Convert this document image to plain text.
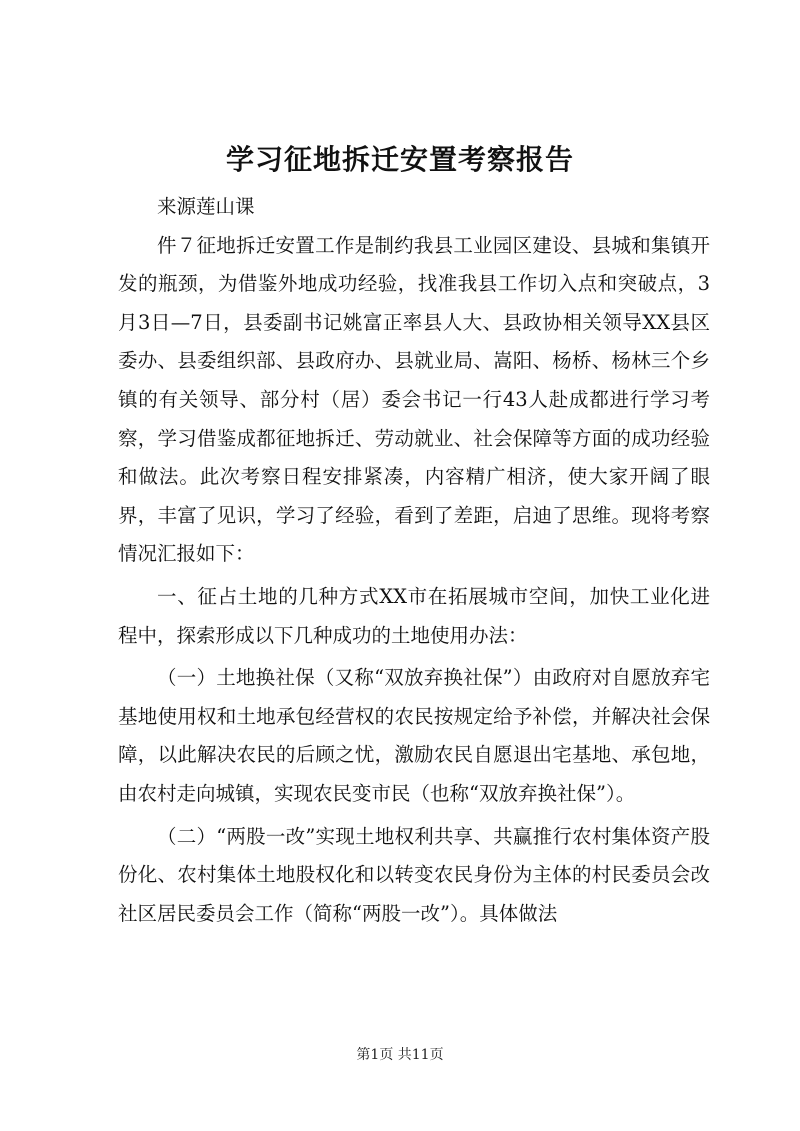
学习征地拆迁安置考察报告

来源莲山课

件７征地拆迁安置工作是制约我县工业园区建设、县城和集镇开发的瓶颈，为借鉴外地成功经验，找准我县工作切入点和突破点，3月3日—7日，县委副书记姚富正率县人大、县政协相关领导XX县区委办、县委组织部、县政府办、县就业局、嵩阳、杨桥、杨林三个乡镇的有关领导、部分村（居）委会书记一行43人赴成都进行学习考察，学习借鉴成都征地拆迁、劳动就业、社会保障等方面的成功经验和做法。此次考察日程安排紧凑，内容精广相济，使大家开阔了眼界，丰富了见识，学习了经验，看到了差距，启迪了思维。现将考察情况汇报如下：

一、征占土地的几种方式XX市在拓展城市空间，加快工业化进程中，探索形成以下几种成功的土地使用办法：

（一）土地换社保（又称“双放弃换社保”）由政府对自愿放弃宅基地使用权和土地承包经营权的农民按规定给予补偿，并解决社会保障，以此解决农民的后顾之忧，激励农民自愿退出宅基地、承包地，由农村走向城镇，实现农民变市民（也称“双放弃换社保”）。

（二）“两股一改”实现土地权利共享、共赢推行农村集体资产股份化、农村集体土地股权化和以转变农民身份为主体的村民委员会改社区居民委员会工作（简称“两股一改”）。具体做法

第1页 共11页
